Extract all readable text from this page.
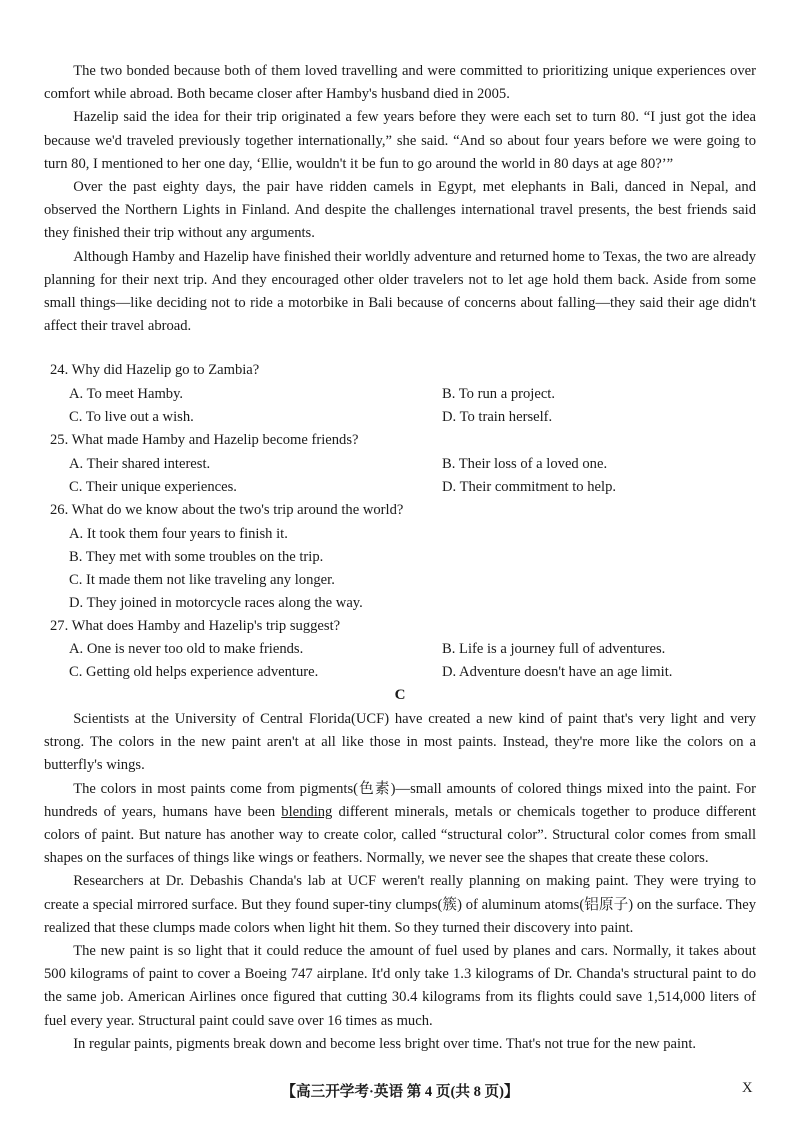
The two bonded because both of them loved travelling and were committed to prioritizing unique experiences over comfort while abroad. Both became closer after Hamby's husband died in 2005.

Hazelip said the idea for their trip originated a few years before they were each set to turn 80. “I just got the idea because we'd traveled previously together internationally,” she said. “And so about four years before we were going to turn 80, I mentioned to her one day, ‘Ellie, wouldn't it be fun to go around the world in 80 days at age 80?’”

Over the past eighty days, the pair have ridden camels in Egypt, met elephants in Bali, danced in Nepal, and observed the Northern Lights in Finland. And despite the challenges international travel presents, the best friends said they finished their trip without any arguments.

Although Hamby and Hazelip have finished their worldly adventure and returned home to Texas, the two are already planning for their next trip. And they encouraged other older travelers not to let age hold them back. Aside from some small things—like deciding not to ride a motorbike in Bali because of concerns about falling—they said their age didn't affect their travel abroad.

24. Why did Hazelip go to Zambia?
A. To meet Hamby.	B. To run a project.
C. To live out a wish.	D. To train herself.
25. What made Hamby and Hazelip become friends?
A. Their shared interest.	B. Their loss of a loved one.
C. Their unique experiences.	D. Their commitment to help.
26. What do we know about the two's trip around the world?
A. It took them four years to finish it.
B. They met with some troubles on the trip.
C. It made them not like traveling any longer.
D. They joined in motorcycle races along the way.
27. What does Hamby and Hazelip's trip suggest?
A. One is never too old to make friends.	B. Life is a journey full of adventures.
C. Getting old helps experience adventure.	D. Adventure doesn't have an age limit.
C

Scientists at the University of Central Florida(UCF) have created a new kind of paint that's very light and very strong. The colors in the new paint aren't at all like those in most paints. Instead, they're more like the colors on a butterfly's wings.

The colors in most paints come from pigments(色素)—small amounts of colored things mixed into the paint. For hundreds of years, humans have been blending different minerals, metals or chemicals together to produce different colors of paint. But nature has another way to create color, called “structural color”. Structural color comes from small shapes on the surfaces of things like wings or feathers. Normally, we never see the shapes that create these colors.

Researchers at Dr. Debashis Chanda's lab at UCF weren't really planning on making paint. They were trying to create a special mirrored surface. But they found super-tiny clumps(簇) of aluminum atoms(铝原子) on the surface. They realized that these clumps made colors when light hit them. So they turned their discovery into paint.

The new paint is so light that it could reduce the amount of fuel used by planes and cars. Normally, it takes about 500 kilograms of paint to cover a Boeing 747 airplane. It'd only take 1.3 kilograms of Dr. Chanda's structural paint to do the same job. American Airlines once figured that cutting 30.4 kilograms from its flights could save 1,514,000 liters of fuel every year. Structural paint could save over 16 times as much.

In regular paints, pigments break down and become less bright over time. That's not true for the new paint.

【高三开学考·英语 第 4 页(共 8 页)】	X
